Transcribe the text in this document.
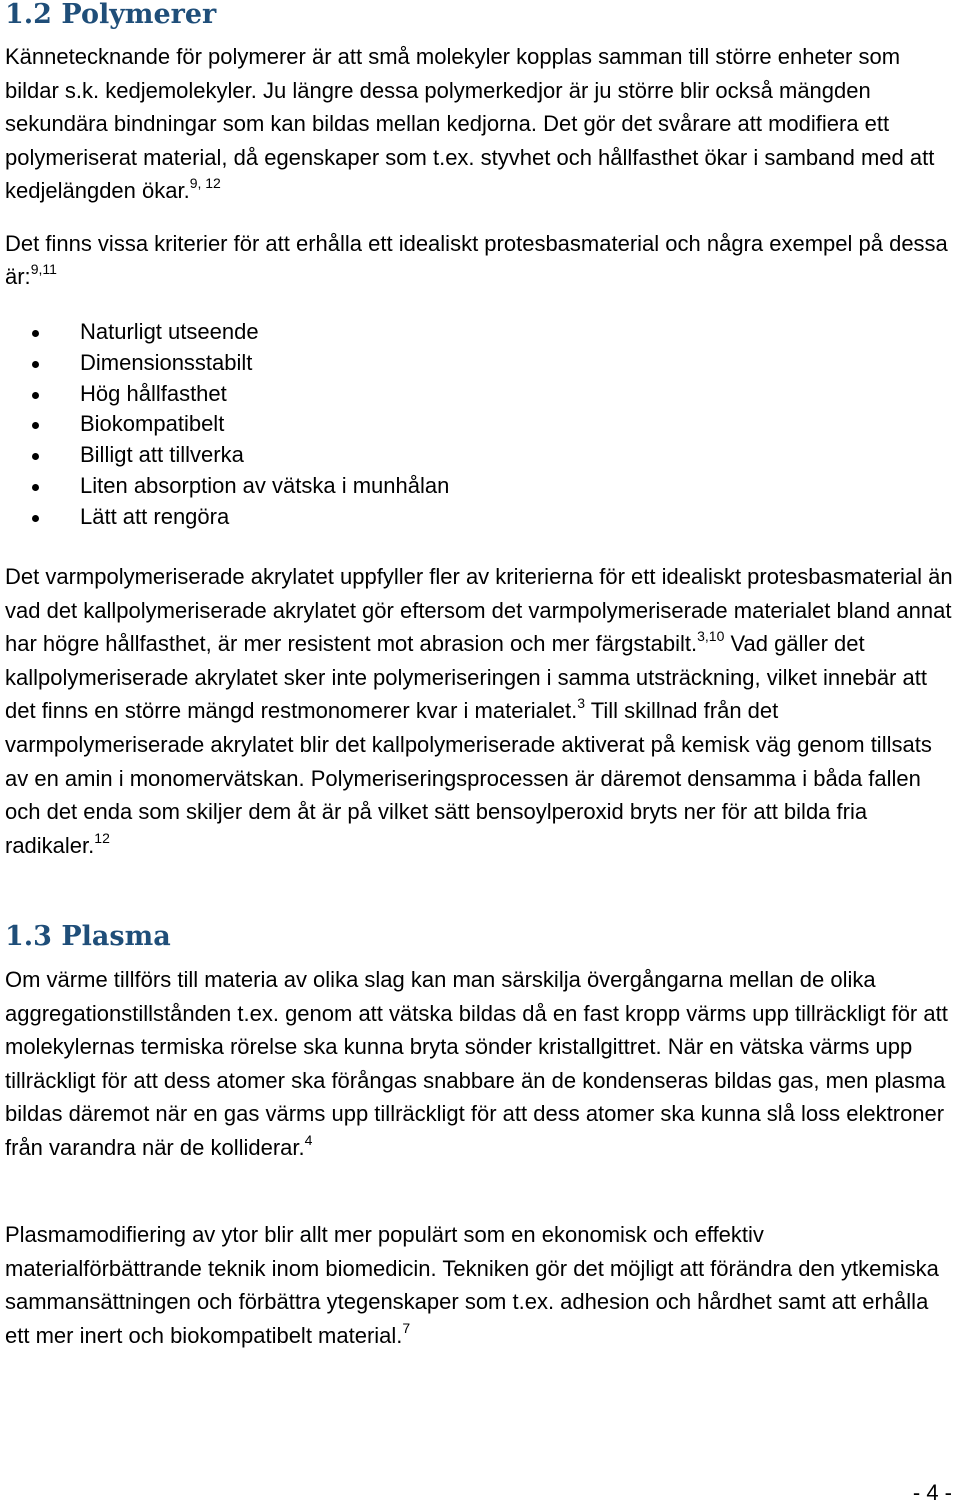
1.2 Polymerer

Kännetecknande för polymerer är att små molekyler kopplas samman till större enheter som bildar s.k. kedjemolekyler. Ju längre dessa polymerkedjor är ju större blir också mängden sekundära bindningar som kan bildas mellan kedjorna. Det gör det svårare att modifiera ett polymeriserat material, då egenskaper som t.ex. styvhet och hållfasthet ökar i samband med att kedjelängden ökar.$^{9, 12}$

Det finns vissa kriterier för att erhålla ett idealiskt protesbasmaterial och några exempel på dessa är:$^{9,11}$

Naturligt utseende
Dimensionsstabilt
Hög hållfasthet
Biokompatibelt
Billigt att tillverka
Liten absorption av vätska i munhålan
Lätt att rengöra

Det varmpolymeriserade akrylatet uppfyller fler av kriterierna för ett idealiskt protesbasmaterial än vad det kallpolymeriserade akrylatet gör eftersom det varmpolymeriserade materialet bland annat har högre hållfasthet, är mer resistent mot abrasion och mer färgstabilt.$^{3,10}$ Vad gäller det kallpolymeriserade akrylatet sker inte polymeriseringen i samma utsträckning, vilket innebär att det finns en större mängd restmonomerer kvar i materialet.$^3$ Till skillnad från det varmpolymeriserade akrylatet blir det kallpolymeriserade aktiverat på kemisk väg genom tillsats av en amin i monomervätskan. Polymeriseringsprocessen är däremot densamma i båda fallen och det enda som skiljer dem åt är på vilket sätt bensoylperoxid bryts ner för att bilda fria radikaler.$^{12}$

1.3 Plasma

Om värme tillförs till materia av olika slag kan man särskilja övergångarna mellan de olika aggregationstillstånden t.ex. genom att vätska bildas då en fast kropp värms upp tillräckligt för att molekylernas termiska rörelse ska kunna bryta sönder kristallgittret. När en vätska värms upp tillräckligt för att dess atomer ska förångas snabbare än de kondenseras bildas gas, men plasma bildas däremot när en gas värms upp tillräckligt för att dess atomer ska kunna slå loss elektroner från varandra när de kolliderar.$^4$

Plasmamodifiering av ytor blir allt mer populärt som en ekonomisk och effektiv materialförbättrande teknik inom biomedicin. Tekniken gör det möjligt att förändra den ytkemiska sammansättningen och förbättra ytegenskaper som t.ex. adhesion och hårdhet samt att erhålla ett mer inert och biokompatibelt material.$^7$

- 4 -
